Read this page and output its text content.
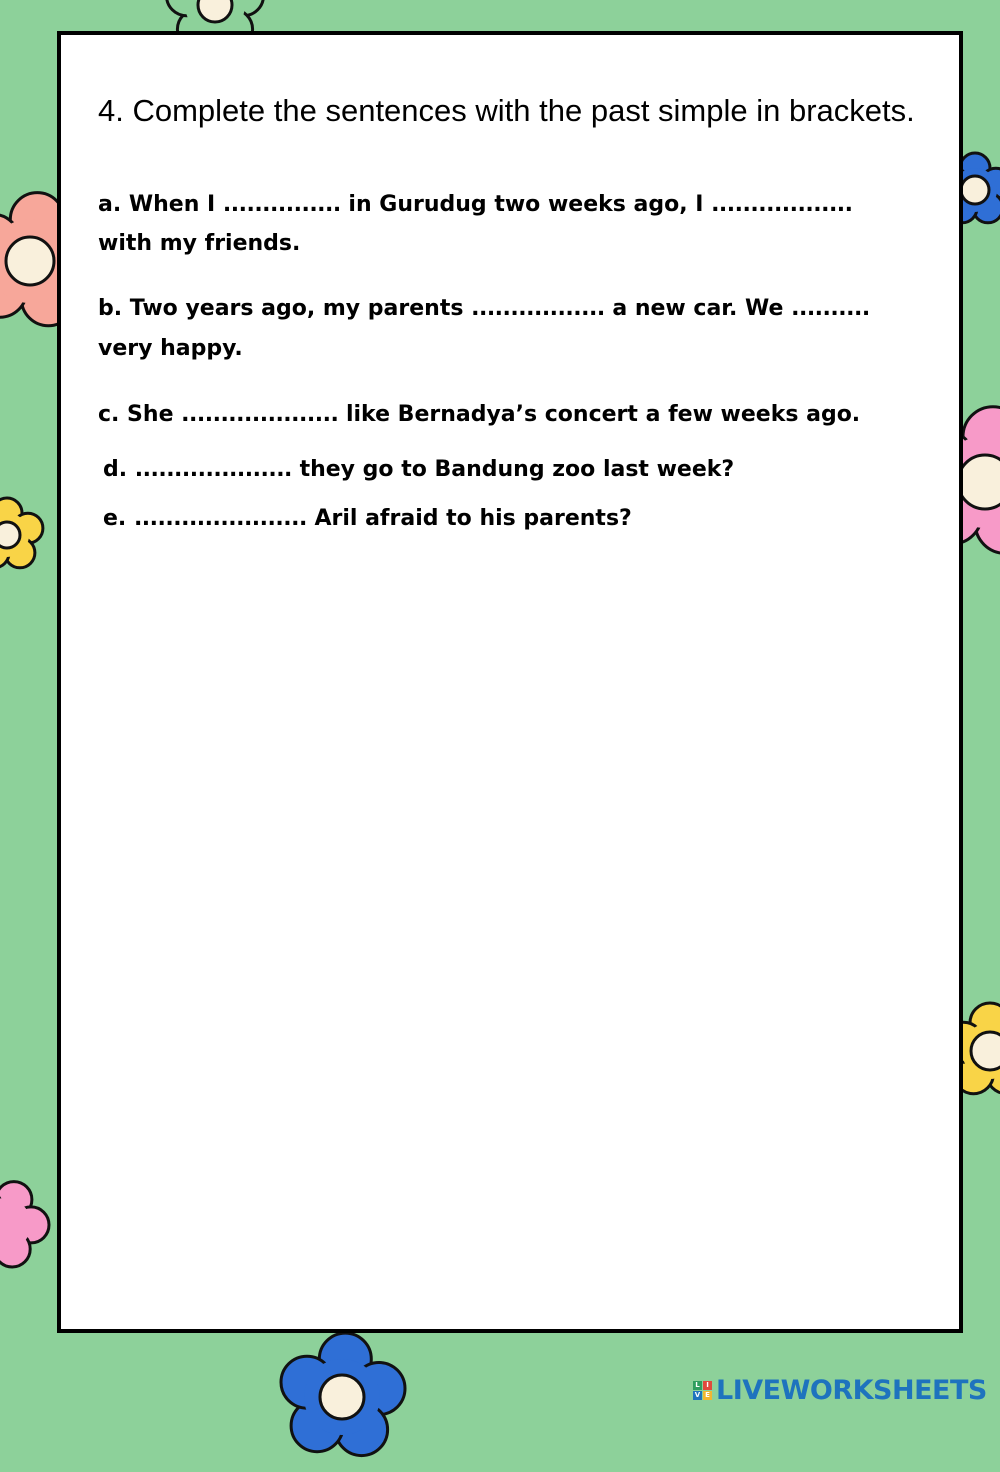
4. Complete the sentences with the past simple in brackets.
a. When I ............... in Gurudug two weeks ago, I ..................
with my friends.
b. Two years ago, my parents ................. a new car. We ..........
very happy.
c. She .................... like Bernadya’s concert a few weeks ago.
d. .................... they go to Bandung zoo last week?
e. ...................... Aril afraid to his parents?
L I
V E LIVEWORKSHEETS
